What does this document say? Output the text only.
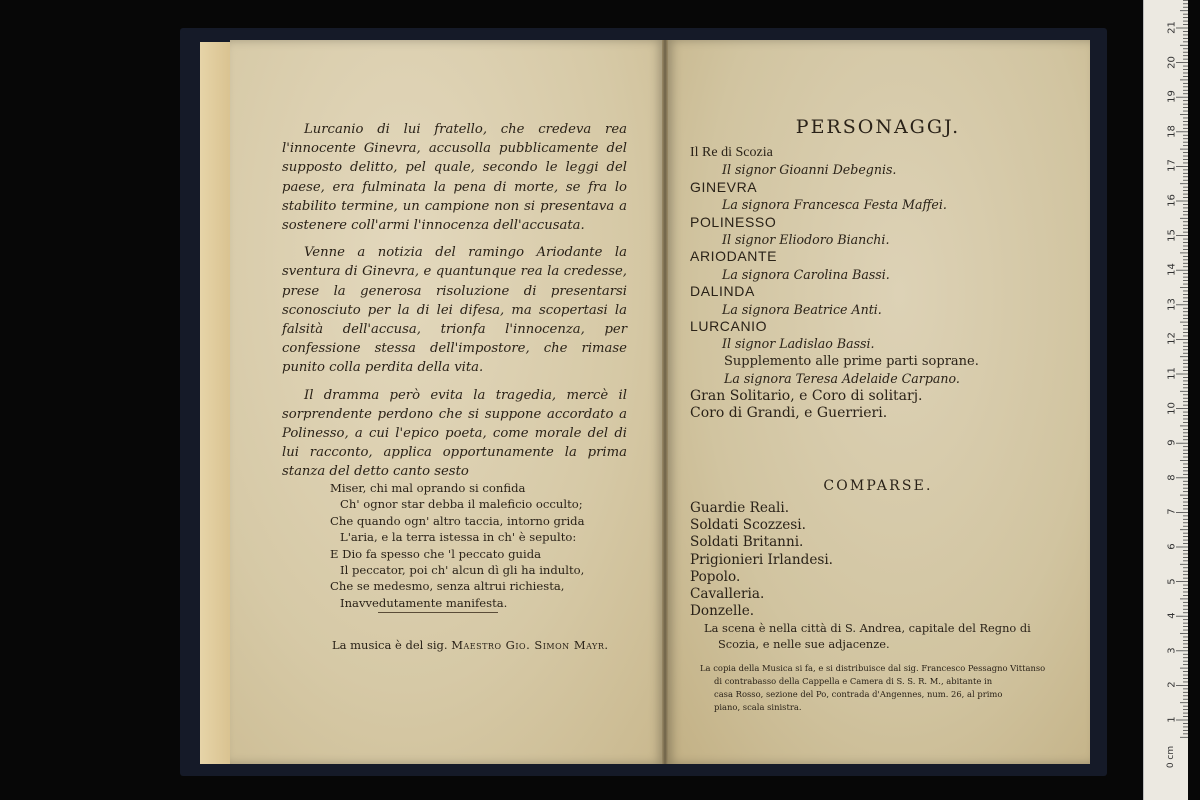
Lurcanio di lui fratello, che credeva rea l'innocente Ginevra, accusolla pubblicamente del supposto delitto, pel quale, secondo le leggi del paese, era fulminata la pena di morte, se fra lo stabilito termine, un campione non si presentava a sostenere coll'armi l'innocenza dell'accusata.

Venne a notizia del ramingo Ariodante la sventura di Ginevra, e quantunque rea la credesse, prese la generosa risoluzione di presentarsi sconosciuto per la di lei difesa, ma scopertasi la falsità dell'accusa, trionfa l'innocenza, per confessione stessa dell'impostore, che rimase punito colla perdita della vita.

Il dramma però evita la tragedia, mercè il sorprendente perdono che si suppone accordato a Polinesso, a cui l'epico poeta, come morale del di lui racconto, applica opportunamente la prima stanza del detto canto sesto

Miser, chi mal oprando si confida
Ch' ognor star debba il maleficio occulto;
Che quando ogn' altro taccia, intorno grida
L'aria, e la terra istessa in ch' è sepulto:
E Dio fa spesso che 'l peccato guida
Il peccator, poi ch' alcun dì gli ha indulto,
Che se medesmo, senza altrui richiesta,
Inavvedutamente manifesta.
La musica è del sig. Maestro Gio. Simon Mayr.
PERSONAGGJ.
Il Re di Scozia
Il signor Gioanni Debegnis.
GINEVRA
La signora Francesca Festa Maffei.
POLINESSO
Il signor Eliodoro Bianchi.
ARIODANTE
La signora Carolina Bassi.
DALINDA
La signora Beatrice Anti.
LURCANIO
Il signor Ladislao Bassi.
Supplemento alle prime parti soprane.
La signora Teresa Adelaide Carpano.
Gran Solitario, e Coro di solitarj.
Coro di Grandi, e Guerrieri.
COMPARSE.
Guardie Reali.
Soldati Scozzesi.
Soldati Britanni.
Prigionieri Irlandesi.
Popolo.
Cavalleria.
Donzelle.
La scena è nella città di S. Andrea, capitale del Regno di
Scozia, e nelle sue adjacenze.
La copia della Musica si fa, e si distribuisce dal sig. Francesco Pessagno Vittanso
di contrabasso della Cappella e Camera di S. S. R. M., abitante in
casa Rosso, sezione del Po, contrada d'Angennes, num. 26, al primo
piano, scala sinistra.
21
20
19
18
17
16
15
14
13
12
11
10
9
8
7
6
5
4
3
2
1
0 cm
